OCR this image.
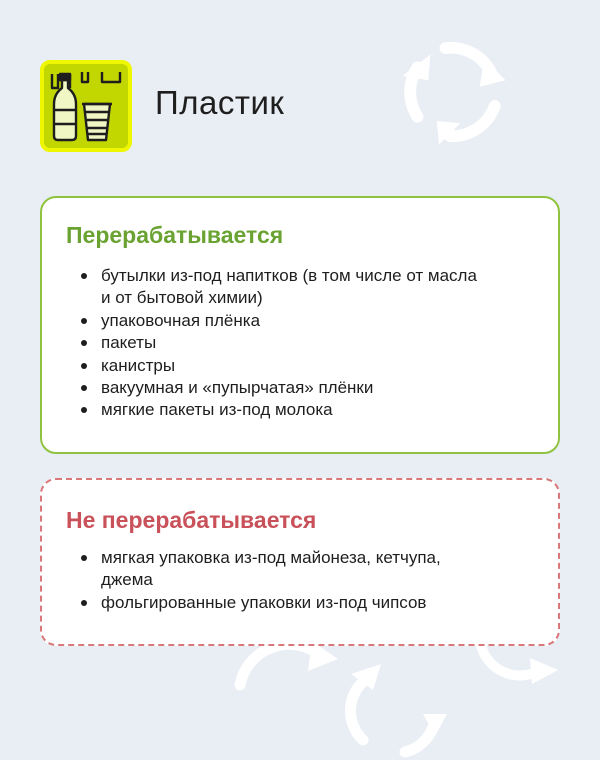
Пластик
Перерабатывается
бутылки из-под напитков (в том числе от масла и от бытовой химии)
упаковочная плёнка
пакеты
канистры
вакуумная и «пупырчатая» плёнки
мягкие пакеты из-под молока
Не перерабатывается
мягкая упаковка из-под майонеза, кетчупа, джема
фольгированные упаковки из-под чипсов
